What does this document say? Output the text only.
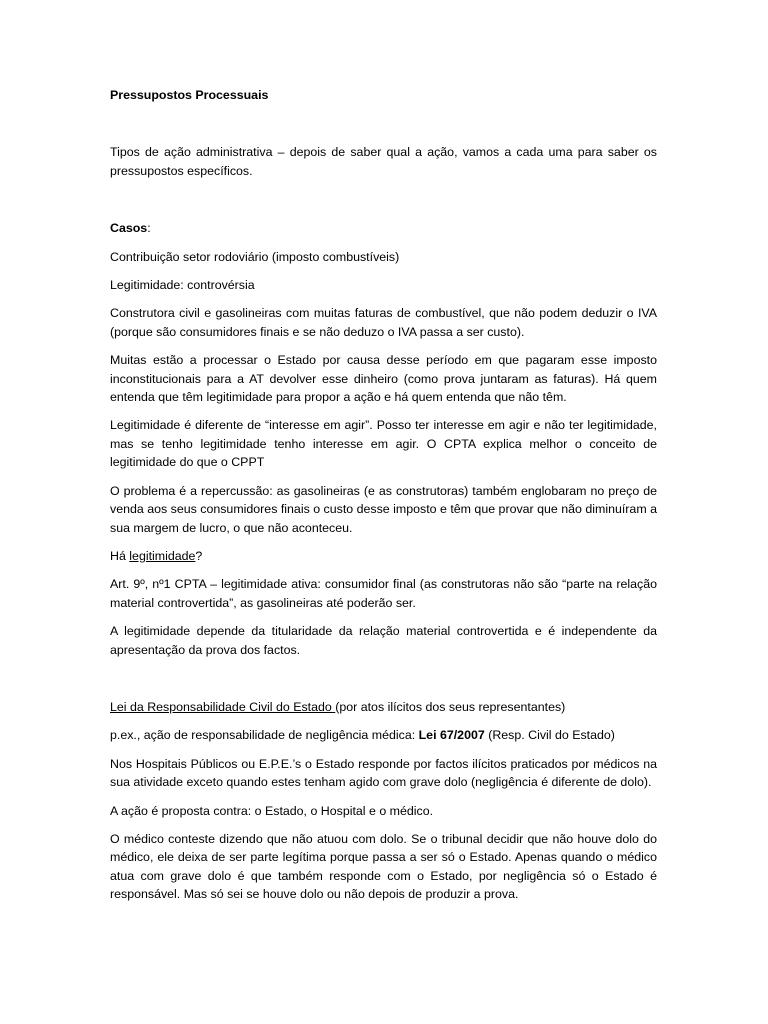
Pressupostos Processuais

Tipos de ação administrativa – depois de saber qual a ação, vamos a cada uma para saber os pressupostos específicos.

Casos:

Contribuição setor rodoviário (imposto combustíveis)

Legitimidade: controvérsia

Construtora civil e gasolineiras com muitas faturas de combustível, que não podem deduzir o IVA (porque são consumidores finais e se não deduzo o IVA passa a ser custo).

Muitas estão a processar o Estado por causa desse período em que pagaram esse imposto inconstitucionais para a AT devolver esse dinheiro (como prova juntaram as faturas). Há quem entenda que têm legitimidade para propor a ação e há quem entenda que não têm.

Legitimidade é diferente de “interesse em agir”. Posso ter interesse em agir e não ter legitimidade, mas se tenho legitimidade tenho interesse em agir. O CPTA explica melhor o conceito de legitimidade do que o CPPT

O problema é a repercussão: as gasolineiras (e as construtoras) também englobaram no preço de venda aos seus consumidores finais o custo desse imposto e têm que provar que não diminuíram a sua margem de lucro, o que não aconteceu.

Há legitimidade?

Art. 9º, nº1 CPTA – legitimidade ativa: consumidor final (as construtoras não são “parte na relação material controvertida”, as gasolineiras até poderão ser.

A legitimidade depende da titularidade da relação material controvertida e é independente da apresentação da prova dos factos.

Lei da Responsabilidade Civil do Estado (por atos ilícitos dos seus representantes)

p.ex., ação de responsabilidade de negligência médica: Lei 67/2007 (Resp. Civil do Estado)

Nos Hospitais Públicos ou E.P.E.’s o Estado responde por factos ilícitos praticados por médicos na sua atividade exceto quando estes tenham agido com grave dolo (negligência é diferente de dolo).

A ação é proposta contra: o Estado, o Hospital e o médico.

O médico conteste dizendo que não atuou com dolo. Se o tribunal decidir que não houve dolo do médico, ele deixa de ser parte legítima porque passa a ser só o Estado. Apenas quando o médico atua com grave dolo é que também responde com o Estado, por negligência só o Estado é responsável. Mas só sei se houve dolo ou não depois de produzir a prova.
